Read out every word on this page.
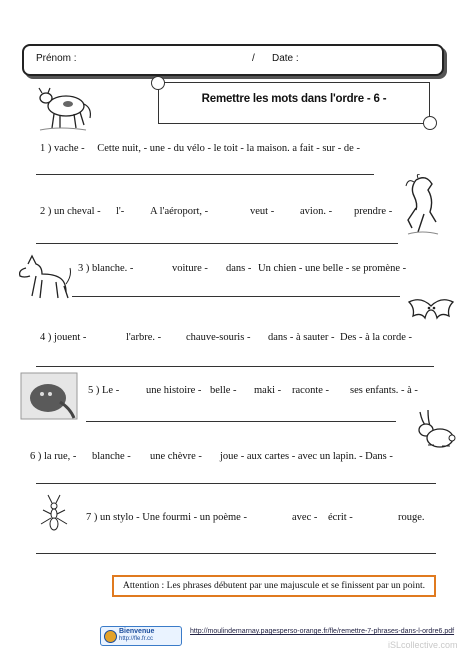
Prénom :	/ Date :
Remettre les mots dans l'ordre - 6 -
1 ) vache - Cette nuit, - une - du vélo - le toit - la maison. a fait - sur - de -
2 ) un cheval - l'- A l'aéroport, -	veut - avion. - prendre -
3 ) blanche. -	voiture - dans - Un chien - une belle - se promène -
4 ) jouent -	l'arbre. - chauve-souris - dans - à sauter - Des - à la corde -
5 ) Le -	une histoire - belle - maki - raconte - ses enfants. - à -
6 ) la rue, - blanche - une chèvre - joue - aux cartes - avec un lapin. - Dans -
7 ) un stylo - Une fourmi - un poème -	avec - écrit -	rouge.
Attention : Les phrases débutent par une majuscule et se finissent par un point.
Bienvenue
http://fle.fr.cc
http://moulindemarnay.pagesperso-orange.fr/fle/remettre-7-phrases-dans-l-ordre6.pdf
iSLcollective.com
